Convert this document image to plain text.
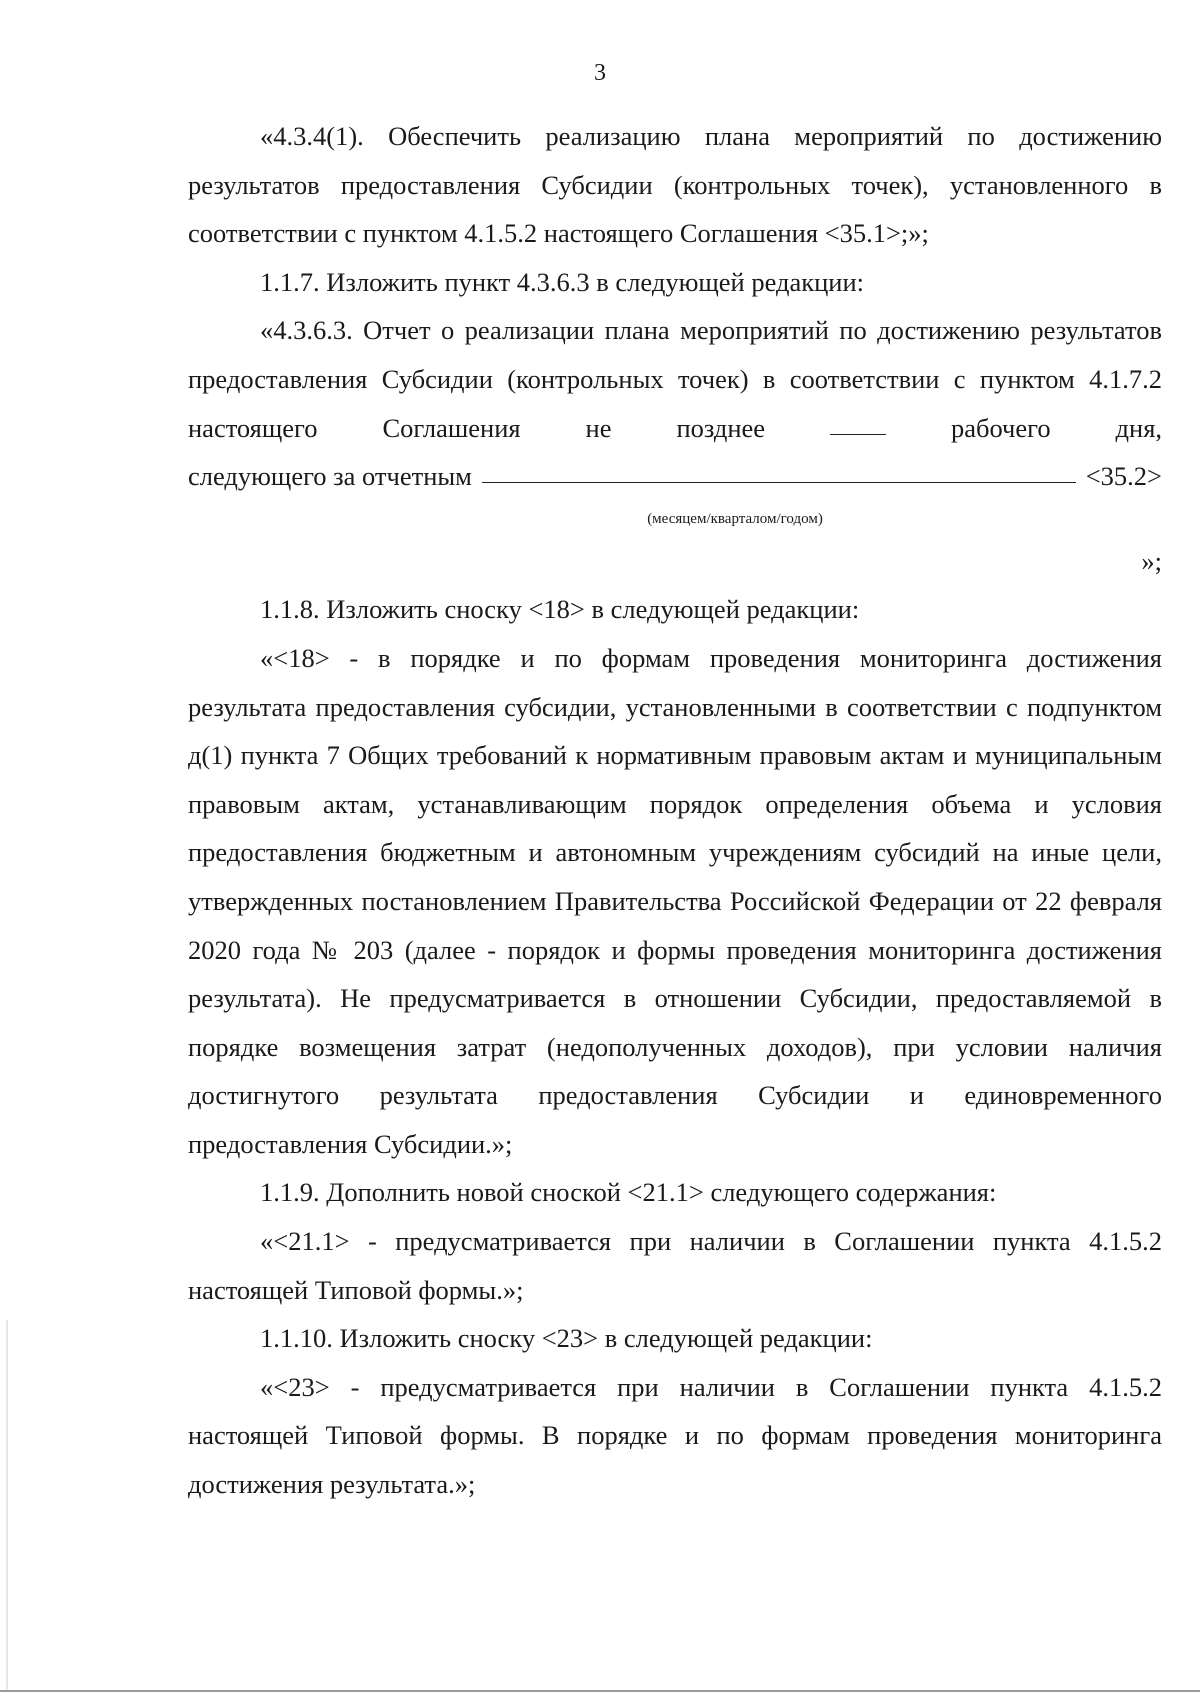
3

«4.3.4(1). Обеспечить реализацию плана мероприятий по достижению результатов предоставления Субсидии (контрольных точек), установленного в соответствии с пунктом 4.1.5.2 настоящего Соглашения <35.1>;»;

1.1.7. Изложить пункт 4.3.6.3 в следующей редакции:

«4.3.6.3. Отчет о реализации плана мероприятий по достижению результатов предоставления Субсидии (контрольных точек) в соответствии с пунктом 4.1.7.2 настоящего Соглашения не позднее	рабочего дня,

следующего за отчетным	<35.2>

(месяцем/кварталом/годом)

»;

1.1.8. Изложить сноску <18> в следующей редакции:

«<18> - в порядке и по формам проведения мониторинга достижения результата предоставления субсидии, установленными в соответствии с подпунктом д(1) пункта 7 Общих требований к нормативным правовым актам и муниципальным правовым актам, устанавливающим порядок определения объема и условия предоставления бюджетным и автономным учреждениям субсидий на иные цели, утвержденных постановлением Правительства Российской Федерации от 22 февраля 2020 года № 203 (далее - порядок и формы проведения мониторинга достижения результата). Не предусматривается в отношении Субсидии, предоставляемой в порядке возмещения затрат (недополученных доходов), при условии наличия достигнутого результата предоставления Субсидии и единовременного предоставления Субсидии.»;

1.1.9. Дополнить новой сноской <21.1> следующего содержания:

«<21.1> - предусматривается при наличии в Соглашении пункта 4.1.5.2 настоящей Типовой формы.»;

1.1.10. Изложить сноску <23> в следующей редакции:

«<23> - предусматривается при наличии в Соглашении пункта 4.1.5.2 настоящей Типовой формы. В порядке и по формам проведения мониторинга достижения результата.»;
